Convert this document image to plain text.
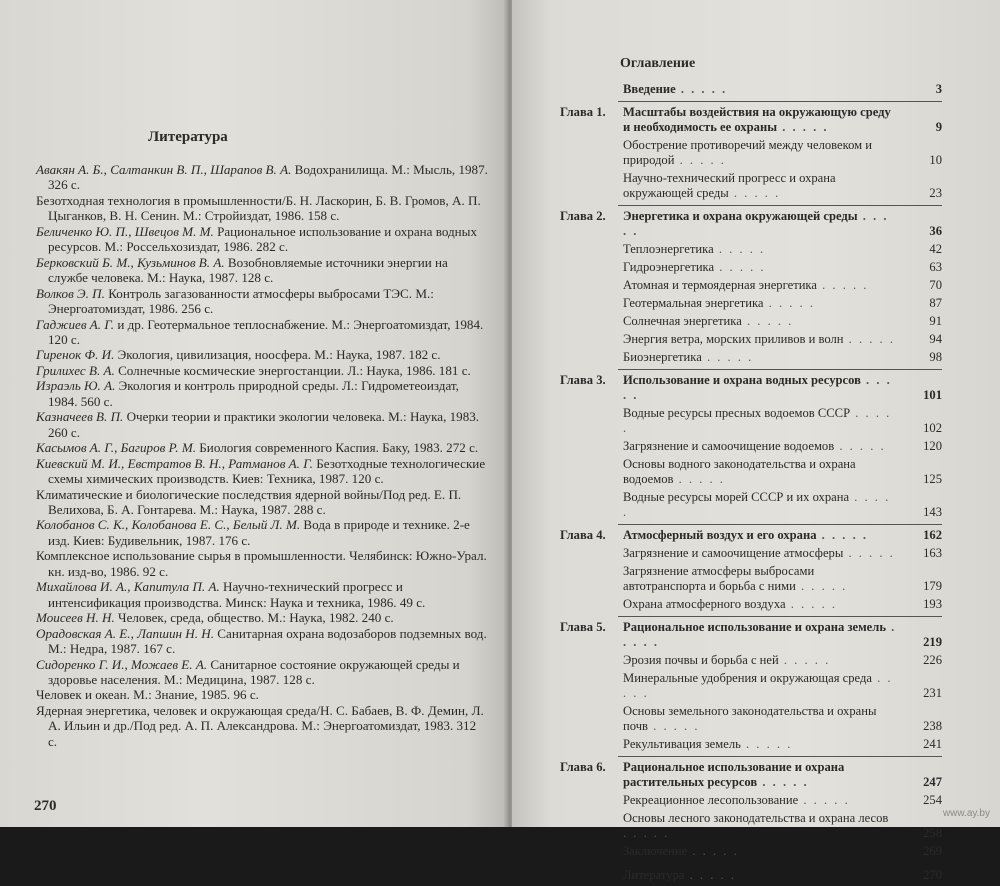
Литература
Авакян А. Б., Салтанкин В. П., Шарапов В. А. Водохранилища. М.: Мысль, 1987. 326 с.
Безотходная технология в промышленности/Б. Н. Ласкорин, Б. В. Громов, А. П. Цыганков, В. Н. Сенин. М.: Стройиздат, 1986. 158 с.
Беличенко Ю. П., Швецов М. М. Рациональное использование и охрана водных ресурсов. М.: Россельхозиздат, 1986. 282 с.
Берковский Б. М., Кузьминов В. А. Возобновляемые источники энергии на службе человека. М.: Наука, 1987. 128 с.
Волков Э. П. Контроль загазованности атмосферы выбросами ТЭС. М.: Энергоатомиздат, 1986. 256 с.
Гаджиев А. Г. и др. Геотермальное теплоснабжение. М.: Энергоатомиздат, 1984. 120 с.
Гиренок Ф. И. Экология, цивилизация, ноосфера. М.: Наука, 1987. 182 с.
Грилихес В. А. Солнечные космические энергостанции. Л.: Наука, 1986. 181 с.
Израэль Ю. А. Экология и контроль природной среды. Л.: Гидрометеоиздат, 1984. 560 с.
Казначеев В. П. Очерки теории и практики экологии человека. М.: Наука, 1983. 260 с.
Касымов А. Г., Багиров Р. М. Биология современного Каспия. Баку, 1983. 272 с.
Киевский М. И., Евстратов В. Н., Ратманов А. Г. Безотходные технологические схемы химических производств. Киев: Техника, 1987. 120 с.
Климатические и биологические последствия ядерной войны/Под ред. Е. П. Велихова, Б. А. Гонтарева. М.: Наука, 1987. 288 с.
Колобанов С. К., Колобанова Е. С., Белый Л. М. Вода в природе и технике. 2-е изд. Киев: Будивельник, 1987. 176 с.
Комплексное использование сырья в промышленности. Челябинск: Южно-Урал. кн. изд-во, 1986. 92 с.
Михайлова И. А., Капитула П. А. Научно-технический прогресс и интенсификация производства. Минск: Наука и техника, 1986. 49 с.
Моисеев Н. Н. Человек, среда, общество. М.: Наука, 1982. 240 с.
Орадовская А. Е., Лапшин Н. Н. Санитарная охрана водозаборов подземных вод. М.: Недра, 1987. 167 с.
Сидоренко Г. И., Можаев Е. А. Санитарное состояние окружающей среды и здоровье населения. М.: Медицина, 1987. 128 с.
Человек и океан. М.: Знание, 1985. 96 с.
Ядерная энергетика, человек и окружающая среда/Н. С. Бабаев, В. Ф. Демин, Л. А. Ильин и др./Под ред. А. П. Александрова. М.: Энергоатомиздат, 1983. 312 с.
270	www.ay.by
Оглавление
Введение . . . . .	3
Глава 1.	Масштабы воздействия на окружающую среду и необходимость ее охраны . . . . .	9
Обострение противоречий между человеком и природой . . . . .	10
Научно-технический прогресс и охрана окружающей среды . . . . .	23
Глава 2.	Энергетика и охрана окружающей среды . . . . .	36
Теплоэнергетика . . . . .	42
Гидроэнергетика . . . . .	63
Атомная и термоядерная энергетика . . . . .	70
Геотермальная энергетика . . . . .	87
Солнечная энергетика . . . . .	91
Энергия ветра, морских приливов и волн . . . . .	94
Биоэнергетика . . . . .	98
Глава 3.	Использование и охрана водных ресурсов . . . . .	101
Водные ресурсы пресных водоемов СССР . . . . .	102
Загрязнение и самоочищение водоемов . . . . .	120
Основы водного законодательства и охрана водоемов . . . . .	125
Водные ресурсы морей СССР и их охрана . . . . .	143
Глава 4.	Атмосферный воздух и его охрана . . . . .	162
Загрязнение и самоочищение атмосферы . . . . .	163
Загрязнение атмосферы выбросами автотранспорта и борьба с ними . . . . .	179
Охрана атмосферного воздуха . . . . .	193
Глава 5.	Рациональное использование и охрана земель . . . . .	219
Эрозия почвы и борьба с ней . . . . .	226
Минеральные удобрения и окружающая среда . . . . .	231
Основы земельного законодательства и охраны почв . . . . .	238
Рекультивация земель . . . . .	241
Глава 6.	Рациональное использование и охрана растительных ресурсов . . . . .	247
Рекреационное лесопользование . . . . .	254
Основы лесного законодательства и охрана лесов . . . . .	258
Заключение . . . . .	269
Литература . . . . .	270
